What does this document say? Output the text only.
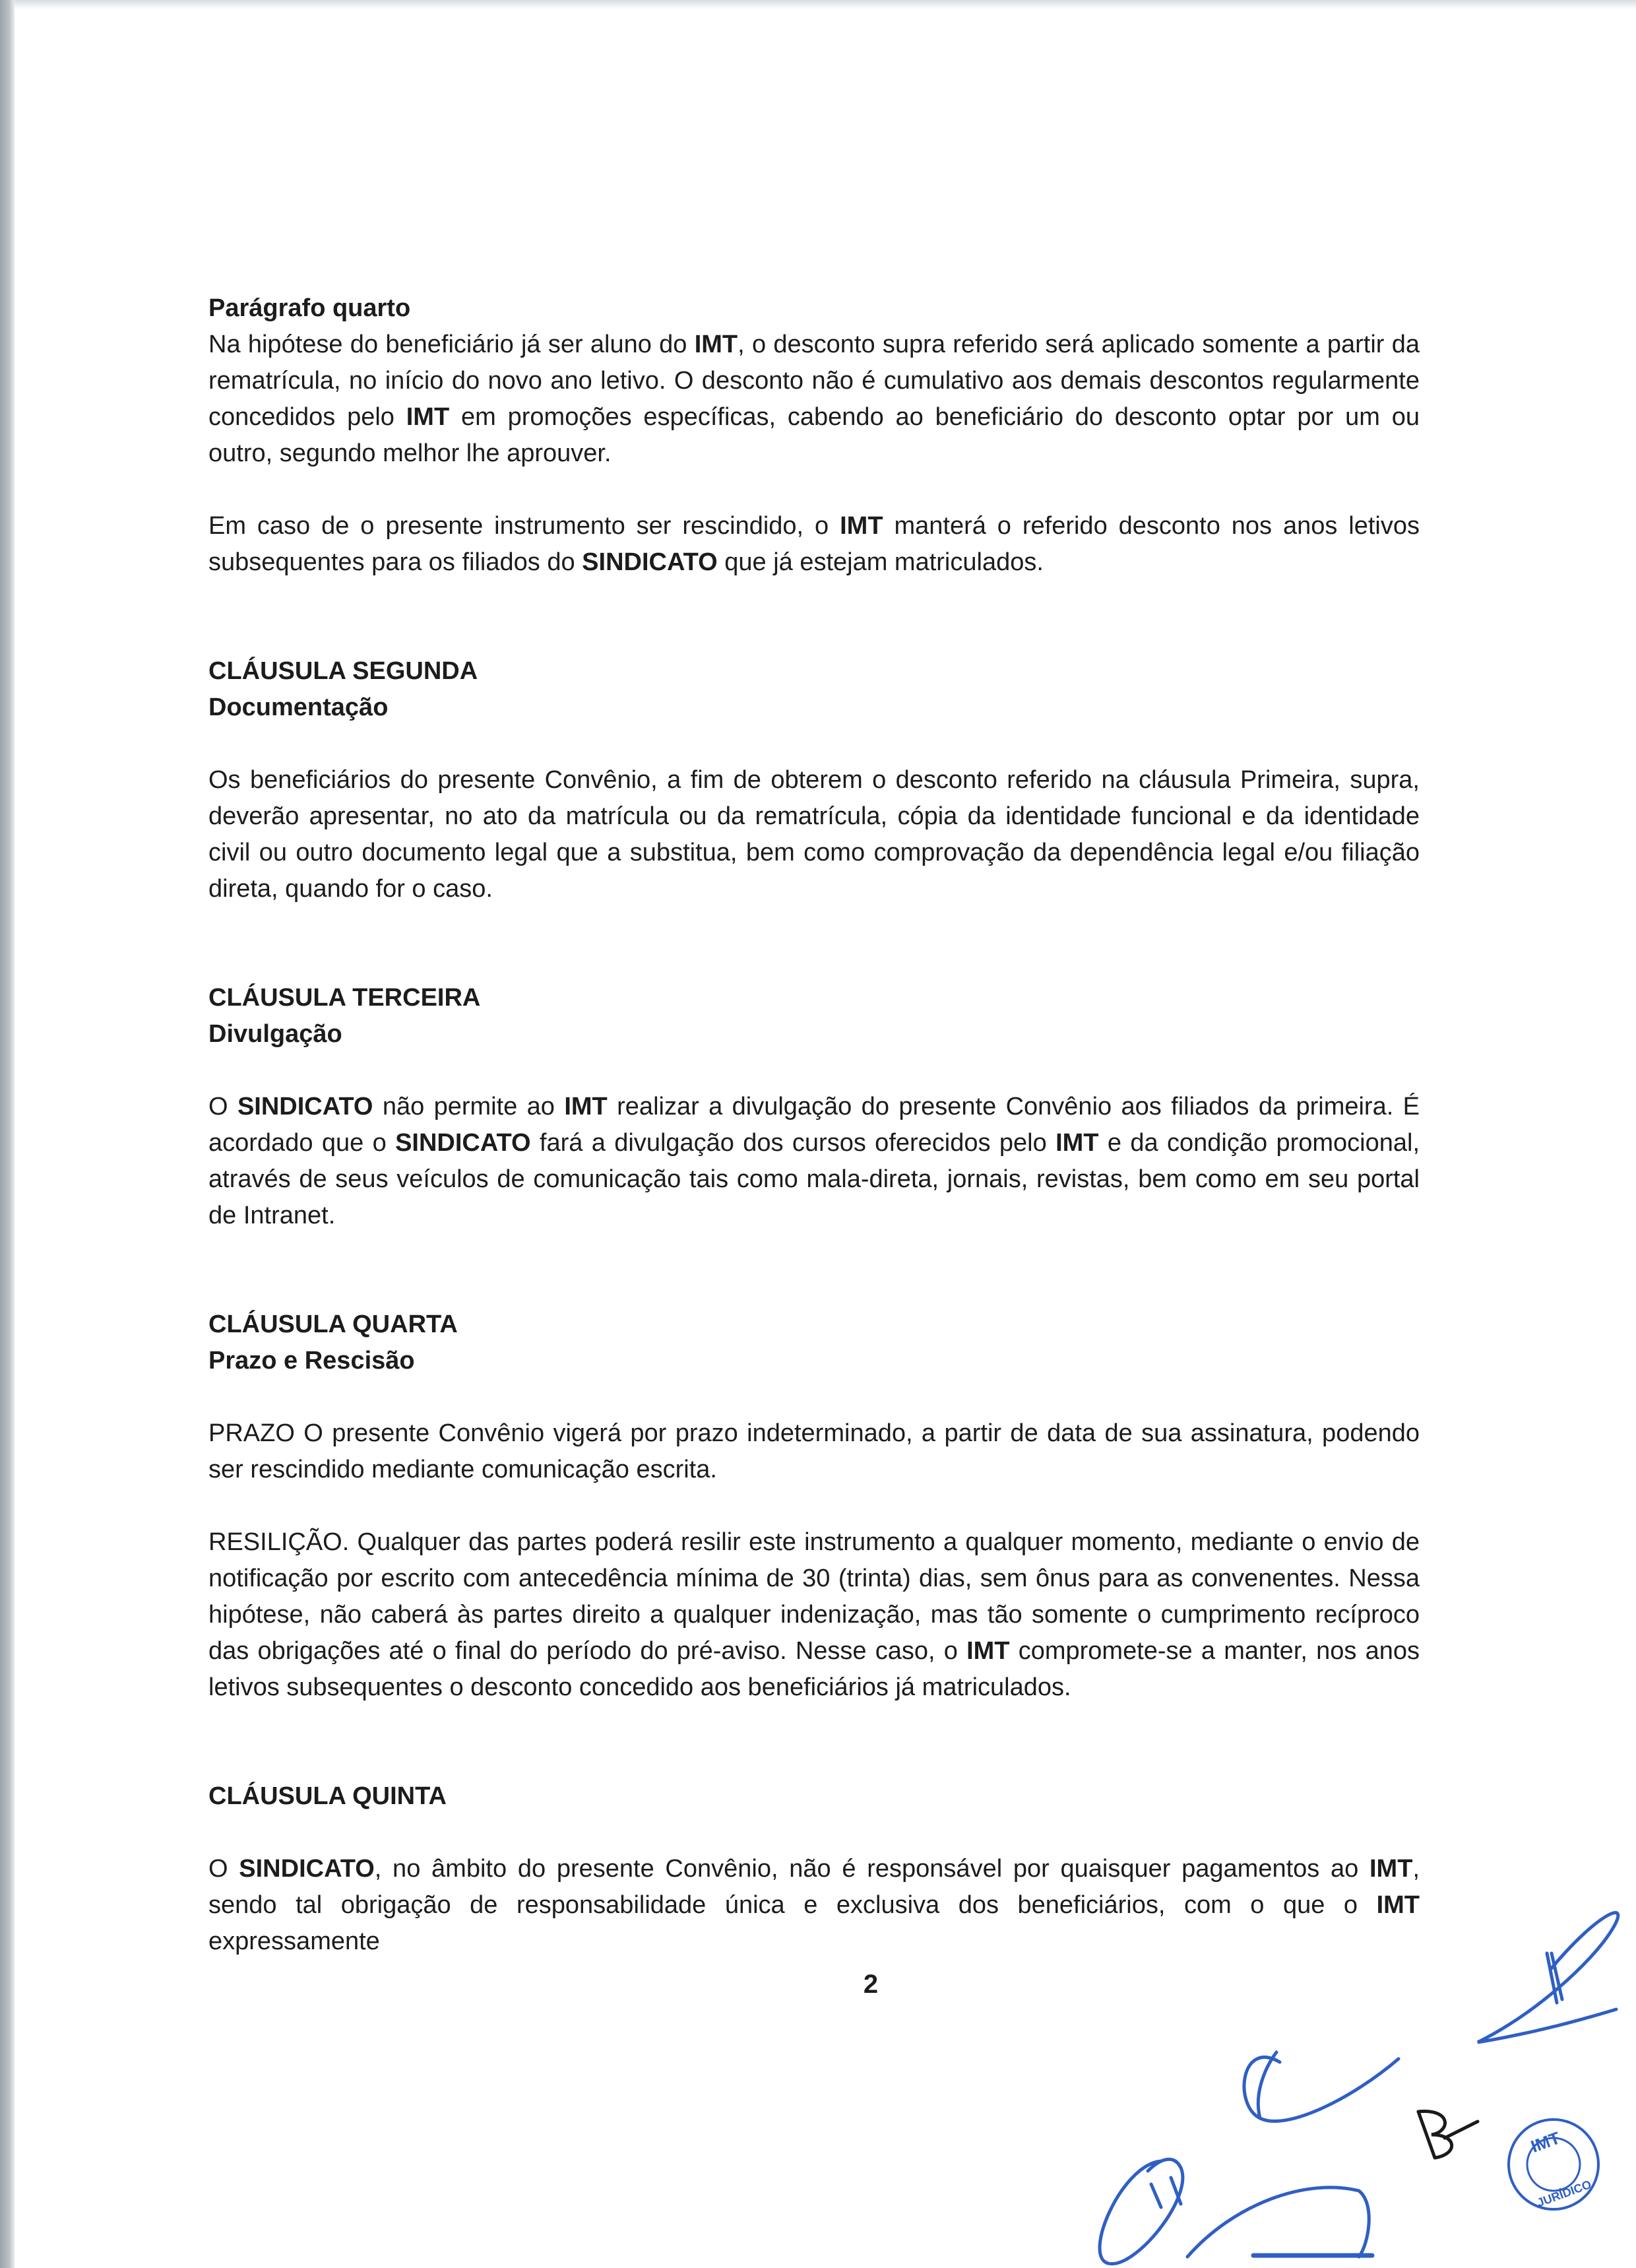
Parágrafo quarto

Na hipótese do beneficiário já ser aluno do IMT, o desconto supra referido será aplicado somente a partir da rematrícula, no início do novo ano letivo. O desconto não é cumulativo aos demais descontos regularmente concedidos pelo IMT em promoções específicas, cabendo ao beneficiário do desconto optar por um ou outro, segundo melhor lhe aprouver.

Em caso de o presente instrumento ser rescindido, o IMT manterá o referido desconto nos anos letivos subsequentes para os filiados do SINDICATO que já estejam matriculados.

CLÁUSULA SEGUNDA

Documentação

Os beneficiários do presente Convênio, a fim de obterem o desconto referido na cláusula Primeira, supra, deverão apresentar, no ato da matrícula ou da rematrícula, cópia da identidade funcional e da identidade civil ou outro documento legal que a substitua, bem como comprovação da dependência legal e/ou filiação direta, quando for o caso.

CLÁUSULA TERCEIRA

Divulgação

O SINDICATO não permite ao IMT realizar a divulgação do presente Convênio aos filiados da primeira. É acordado que o SINDICATO fará a divulgação dos cursos oferecidos pelo IMT e da condição promocional, através de seus veículos de comunicação tais como mala-direta, jornais, revistas, bem como em seu portal de Intranet.

CLÁUSULA QUARTA

Prazo e Rescisão

PRAZO O presente Convênio vigerá por prazo indeterminado, a partir de data de sua assinatura, podendo ser rescindido mediante comunicação escrita.

RESILIÇÃO. Qualquer das partes poderá resilir este instrumento a qualquer momento, mediante o envio de notificação por escrito com antecedência mínima de 30 (trinta) dias, sem ônus para as convenentes. Nessa hipótese, não caberá às partes direito a qualquer indenização, mas tão somente o cumprimento recíproco das obrigações até o final do período do pré-aviso. Nesse caso, o IMT compromete-se a manter, nos anos letivos subsequentes o desconto concedido aos beneficiários já matriculados.

CLÁUSULA QUINTA

O SINDICATO, no âmbito do presente Convênio, não é responsável por quaisquer pagamentos ao IMT, sendo tal obrigação de responsabilidade única e exclusiva dos beneficiários, com o que o IMT expressamente

2
IMT
JURÍDICO
